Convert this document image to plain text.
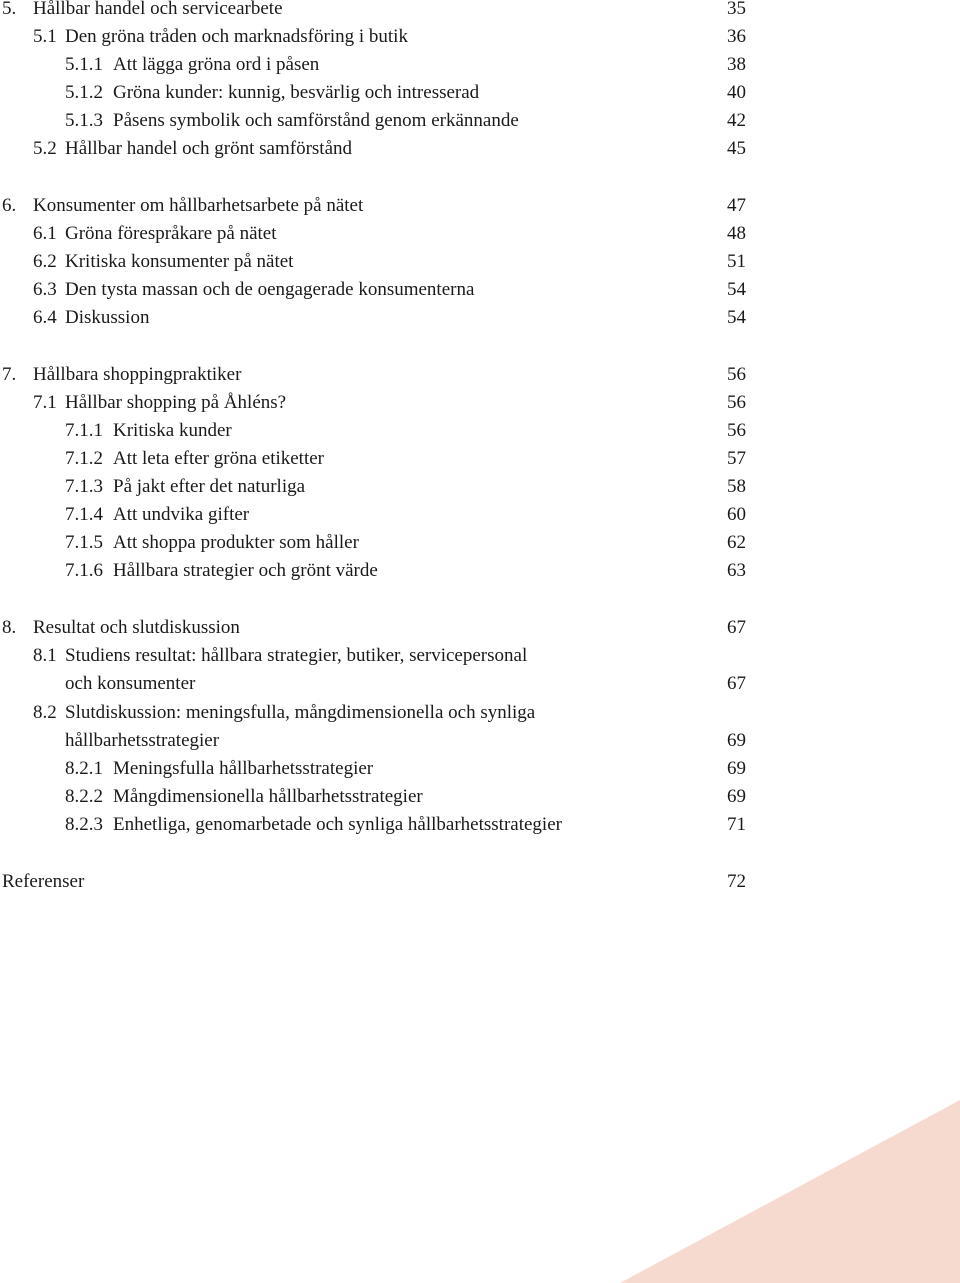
5. Hållbar handel och servicearbete	35
5.1 Den gröna tråden och marknadsföring i butik	36
5.1.1 Att lägga gröna ord i påsen	38
5.1.2 Gröna kunder: kunnig, besvärlig och intresserad	40
5.1.3 Påsens symbolik och samförstånd genom erkännande	42
5.2 Hållbar handel och grönt samförstånd	45
6. Konsumenter om hållbarhetsarbete på nätet	47
6.1 Gröna förespråkare på nätet	48
6.2 Kritiska konsumenter på nätet	51
6.3 Den tysta massan och de oengagerade konsumenterna	54
6.4 Diskussion	54
7. Hållbara shoppingpraktiker	56
7.1 Hållbar shopping på Åhléns?	56
7.1.1 Kritiska kunder	56
7.1.2 Att leta efter gröna etiketter	57
7.1.3 På jakt efter det naturliga	58
7.1.4 Att undvika gifter	60
7.1.5 Att shoppa produkter som håller	62
7.1.6 Hållbara strategier och grönt värde	63
8. Resultat och slutdiskussion	67
8.1 Studiens resultat: hållbara strategier, butiker, servicepersonal
och konsumenter	67
8.2 Slutdiskussion: meningsfulla, mångdimensionella och synliga
hållbarhetsstrategier	69
8.2.1 Meningsfulla hållbarhetsstrategier	69
8.2.2 Mångdimensionella hållbarhetsstrategier	69
8.2.3 Enhetliga, genomarbetade och synliga hållbarhetsstrategier	71
Referenser	72
